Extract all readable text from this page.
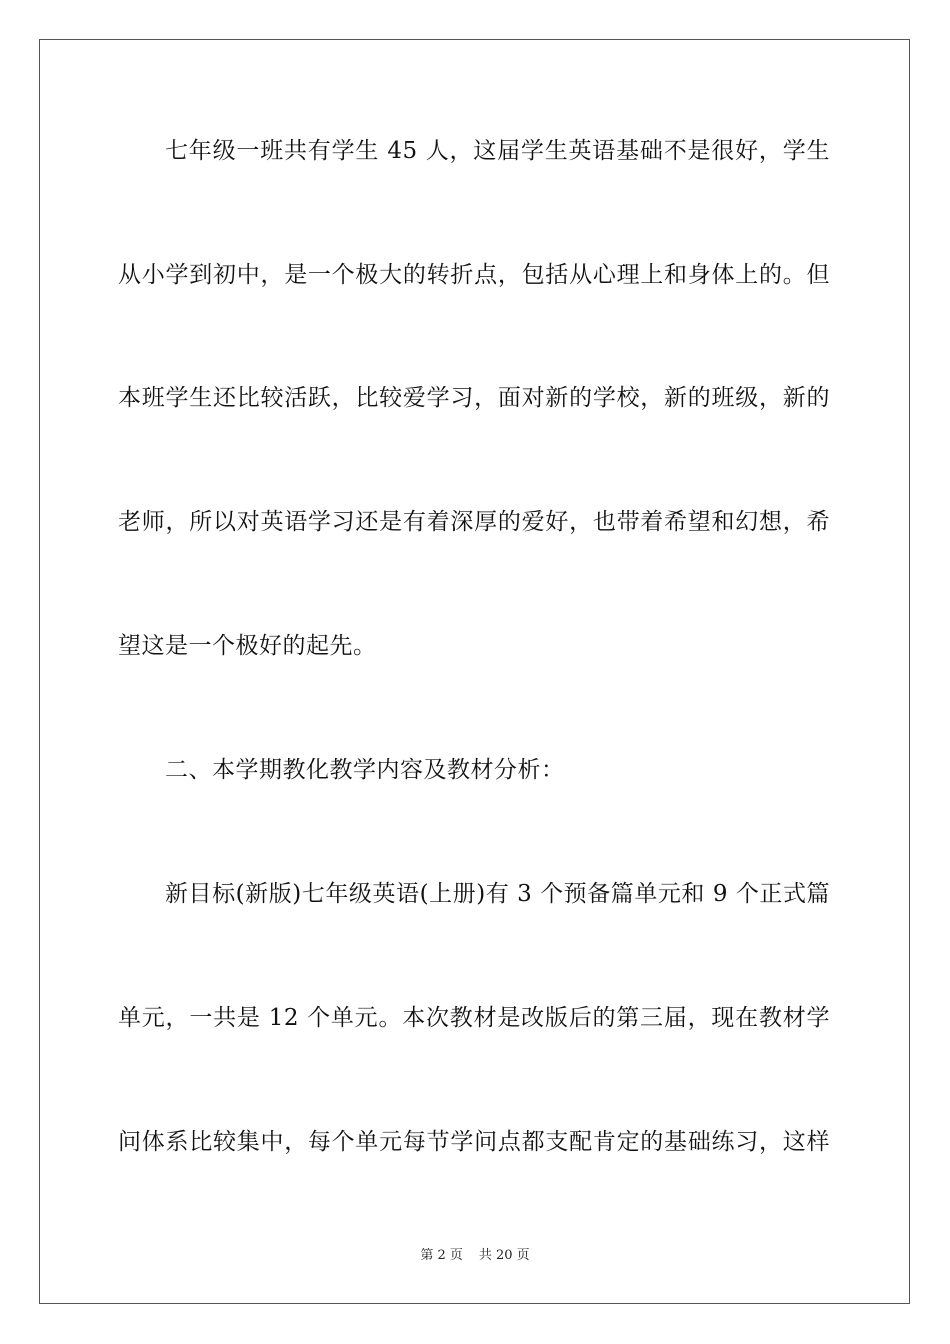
七年级一班共有学生 45 人，这届学生英语基础不是很好，学生
从小学到初中，是一个极大的转折点，包括从心理上和身体上的。但
本班学生还比较活跃，比较爱学习，面对新的学校，新的班级，新的
老师，所以对英语学习还是有着深厚的爱好，也带着希望和幻想，希
望这是一个极好的起先。
二、本学期教化教学内容及教材分析：
新目标(新版)七年级英语(上册)有 3 个预备篇单元和 9 个正式篇
单元，一共是 12 个单元。本次教材是改版后的第三届，现在教材学
问体系比较集中，每个单元每节学问点都支配肯定的基础练习，这样
第 2 页 共 20 页
